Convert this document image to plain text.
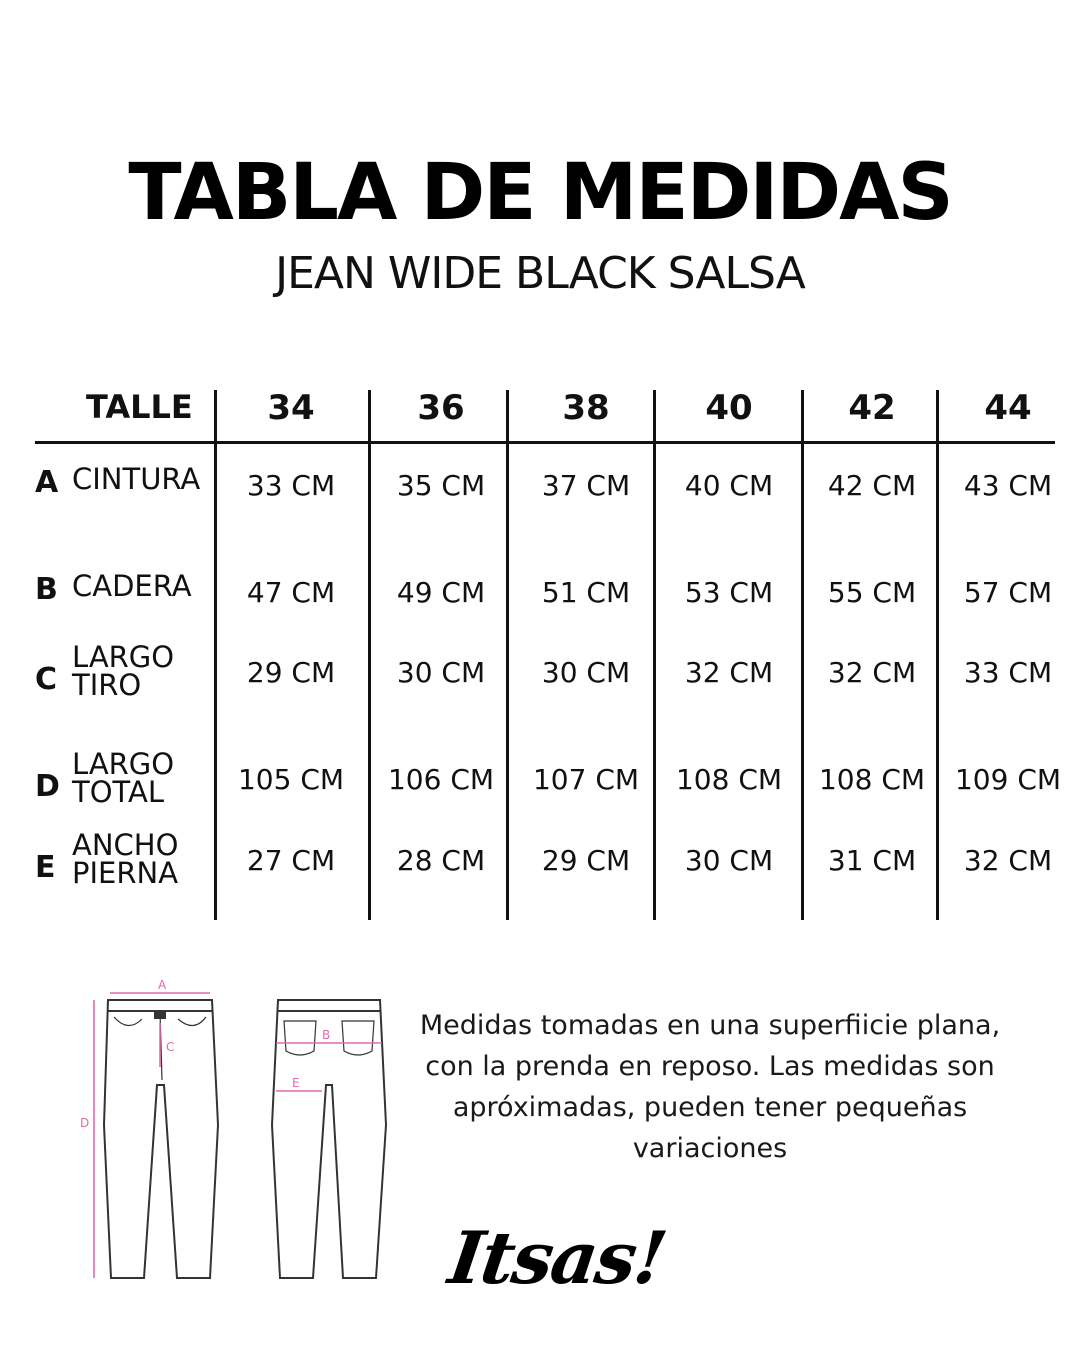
TABLA DE MEDIDAS
JEAN WIDE BLACK SALSA
TALLE	34	36	38	40	42	44
A CINTURA	33 CM	35 CM	37 CM	40 CM	42 CM	43 CM
B CADERA	47 CM	49 CM	51 CM	53 CM	55 CM	57 CM
C
LARGO
TIRO	29 CM	30 CM	30 CM	32 CM	32 CM	33 CM
D
LARGO
TOTAL	105 CM	106 CM	107 CM	108 CM	108 CM	109 CM
E
ANCHO
PIERNA	27 CM	28 CM	29 CM	30 CM	31 CM	32 CM
A
C
D
B
E
Medidas tomadas en una superfiicie plana, con la prenda en reposo. Las medidas son apróximadas, pueden tener pequeñas variaciones
Itsas!
